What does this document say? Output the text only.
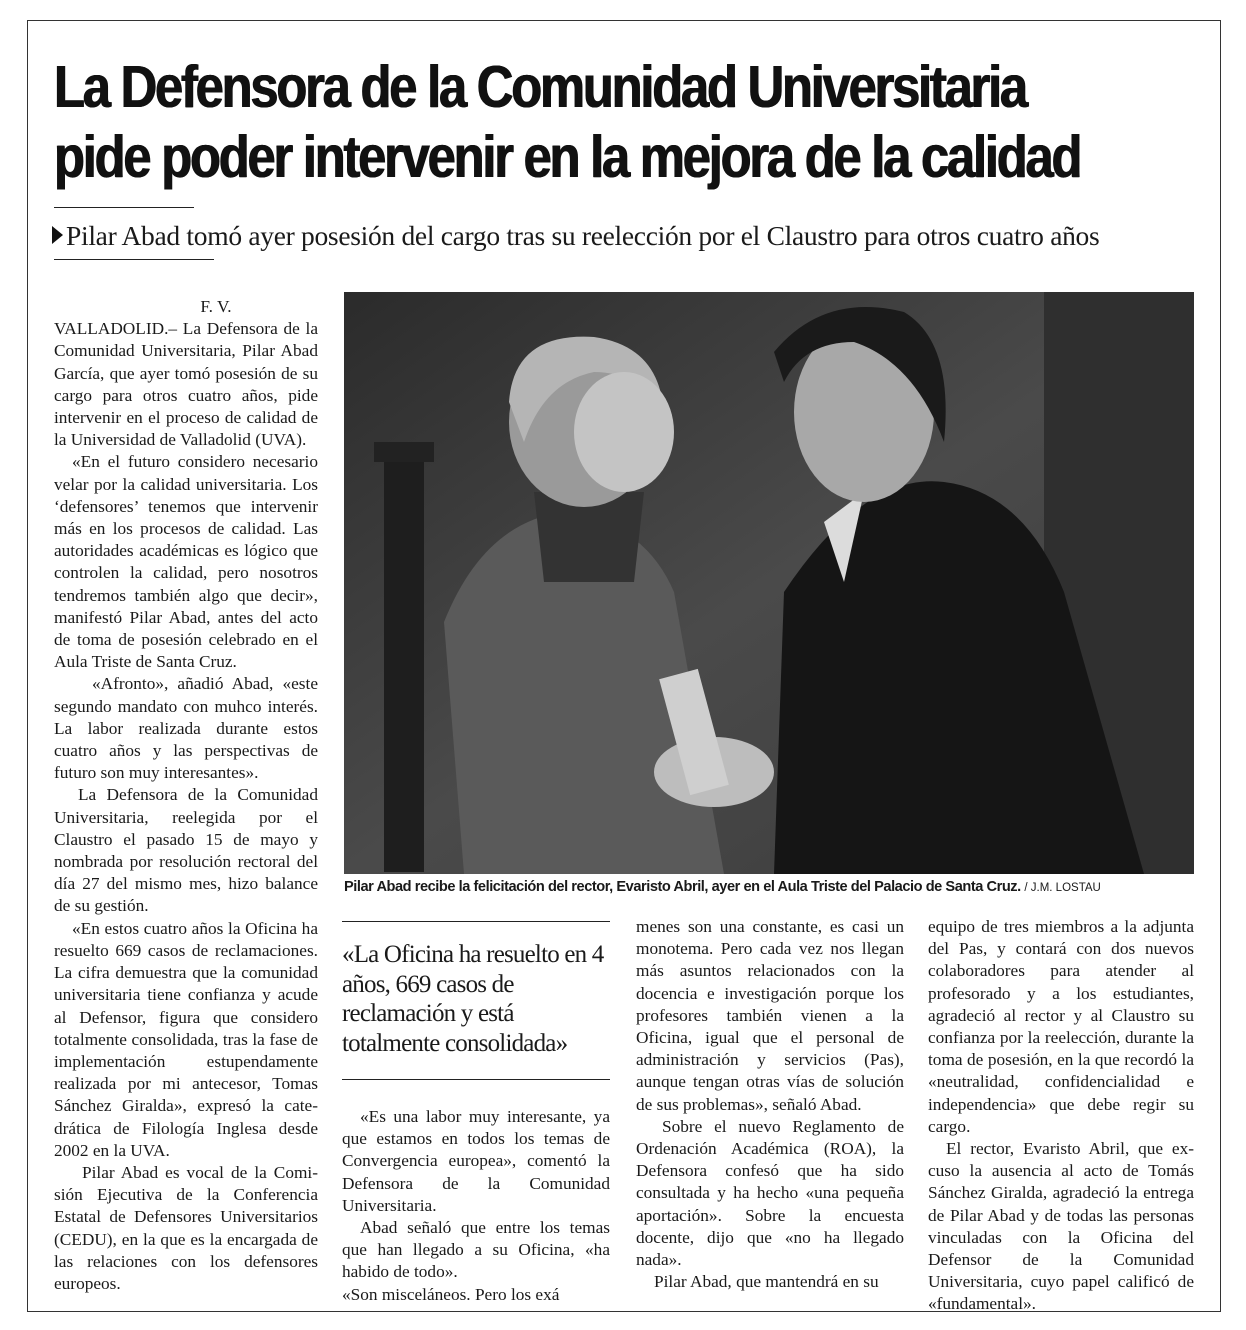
La Defensora de la Comunidad Universitaria
pide poder intervenir en la mejora de la calidad
Pilar Abad tomó ayer posesión del cargo tras su reelección por el Claustro para otros cuatro años

F. V.

VALLADOLID.– La Defensora de la Comunidad Universitaria, Pilar Abad García, que ayer tomó posesión de su cargo para otros cuatro años, pide intervenir en el proceso de calidad de la Universidad de Valladolid (UVA).

«En el futuro considero necesario velar por la calidad universitaria. Los ‘defensores’ tenemos que intervenir más en los procesos de calidad. Las autoridades académicas es lógico que controlen la calidad, pero nosotros tendremos también algo que decir», manifestó Pilar Abad, antes del acto de toma de posesión celebrado en el Aula Triste de Santa Cruz.

«Afronto», añadió Abad, «este segundo mandato con muhco interés. La labor realizada durante estos cuatro años y las perspectivas de futuro son muy interesantes».

La Defensora de la Comunidad Universitaria, reelegida por el Claustro el pasado 15 de mayo y nombrada por resolución rectoral del día 27 del mismo mes, hizo balance de su gestión.

«En estos cuatro años la Oficina ha resuelto 669 casos de reclamaciones. La cifra demuestra que la comunidad universitaria tiene confianza y acude al Defensor, figura que considero totalmente consolidada, tras la fase de implementación estupendamente realizada por mi antecesor, Tomas Sánchez Giralda», expresó la catedrática de Filología Inglesa desde 2002 en la UVA.

Pilar Abad es vocal de la Comisión Ejecutiva de la Conferencia Estatal de Defensores Universitarios (CEDU), en la que es la encargada de las relaciones con los defensores europeos.

Pilar Abad recibe la felicitación del rector, Evaristo Abril, ayer en el Aula Triste del Palacio de Santa Cruz. / J.M. LOSTAU
«La Oficina ha resuelto en 4 años, 669 casos de reclamación y está totalmente consolidada»

«Es una labor muy interesante, ya que estamos en todos los temas de Convergencia europea», comentó la Defensora de la Comunidad Universitaria.

Abad señaló que entre los temas que han llegado a su Oficina, «ha habido de todo».

«Son misceláneos. Pero los exá

menes son una constante, es casi un monotema. Pero cada vez nos llegan más asuntos relacionados con la docencia e investigación porque los profesores también vienen a la Oficina, igual que el personal de administración y servicios (Pas), aunque tengan otras vías de solución de sus problemas», señaló Abad.

Sobre el nuevo Reglamento de Ordenación Académica (ROA), la Defensora confesó que ha sido consultada y ha hecho «una pequeña aportación». Sobre la encuesta docente, dijo que «no ha llegado nada».

Pilar Abad, que mantendrá en su

equipo de tres miembros a la adjunta del Pas, y contará con dos nuevos colaboradores para atender al profesorado y a los estudiantes, agradeció al rector y al Claustro su confianza por la reelección, durante la toma de posesión, en la que recordó la «neutralidad, confidencialidad e independencia» que debe regir su cargo.

El rector, Evaristo Abril, que excuso la ausencia al acto de Tomás Sánchez Giralda, agradeció la entrega de Pilar Abad y de todas las personas vinculadas con la Oficina del Defensor de la Comunidad Universitaria, cuyo papel calificó de «fundamental».
